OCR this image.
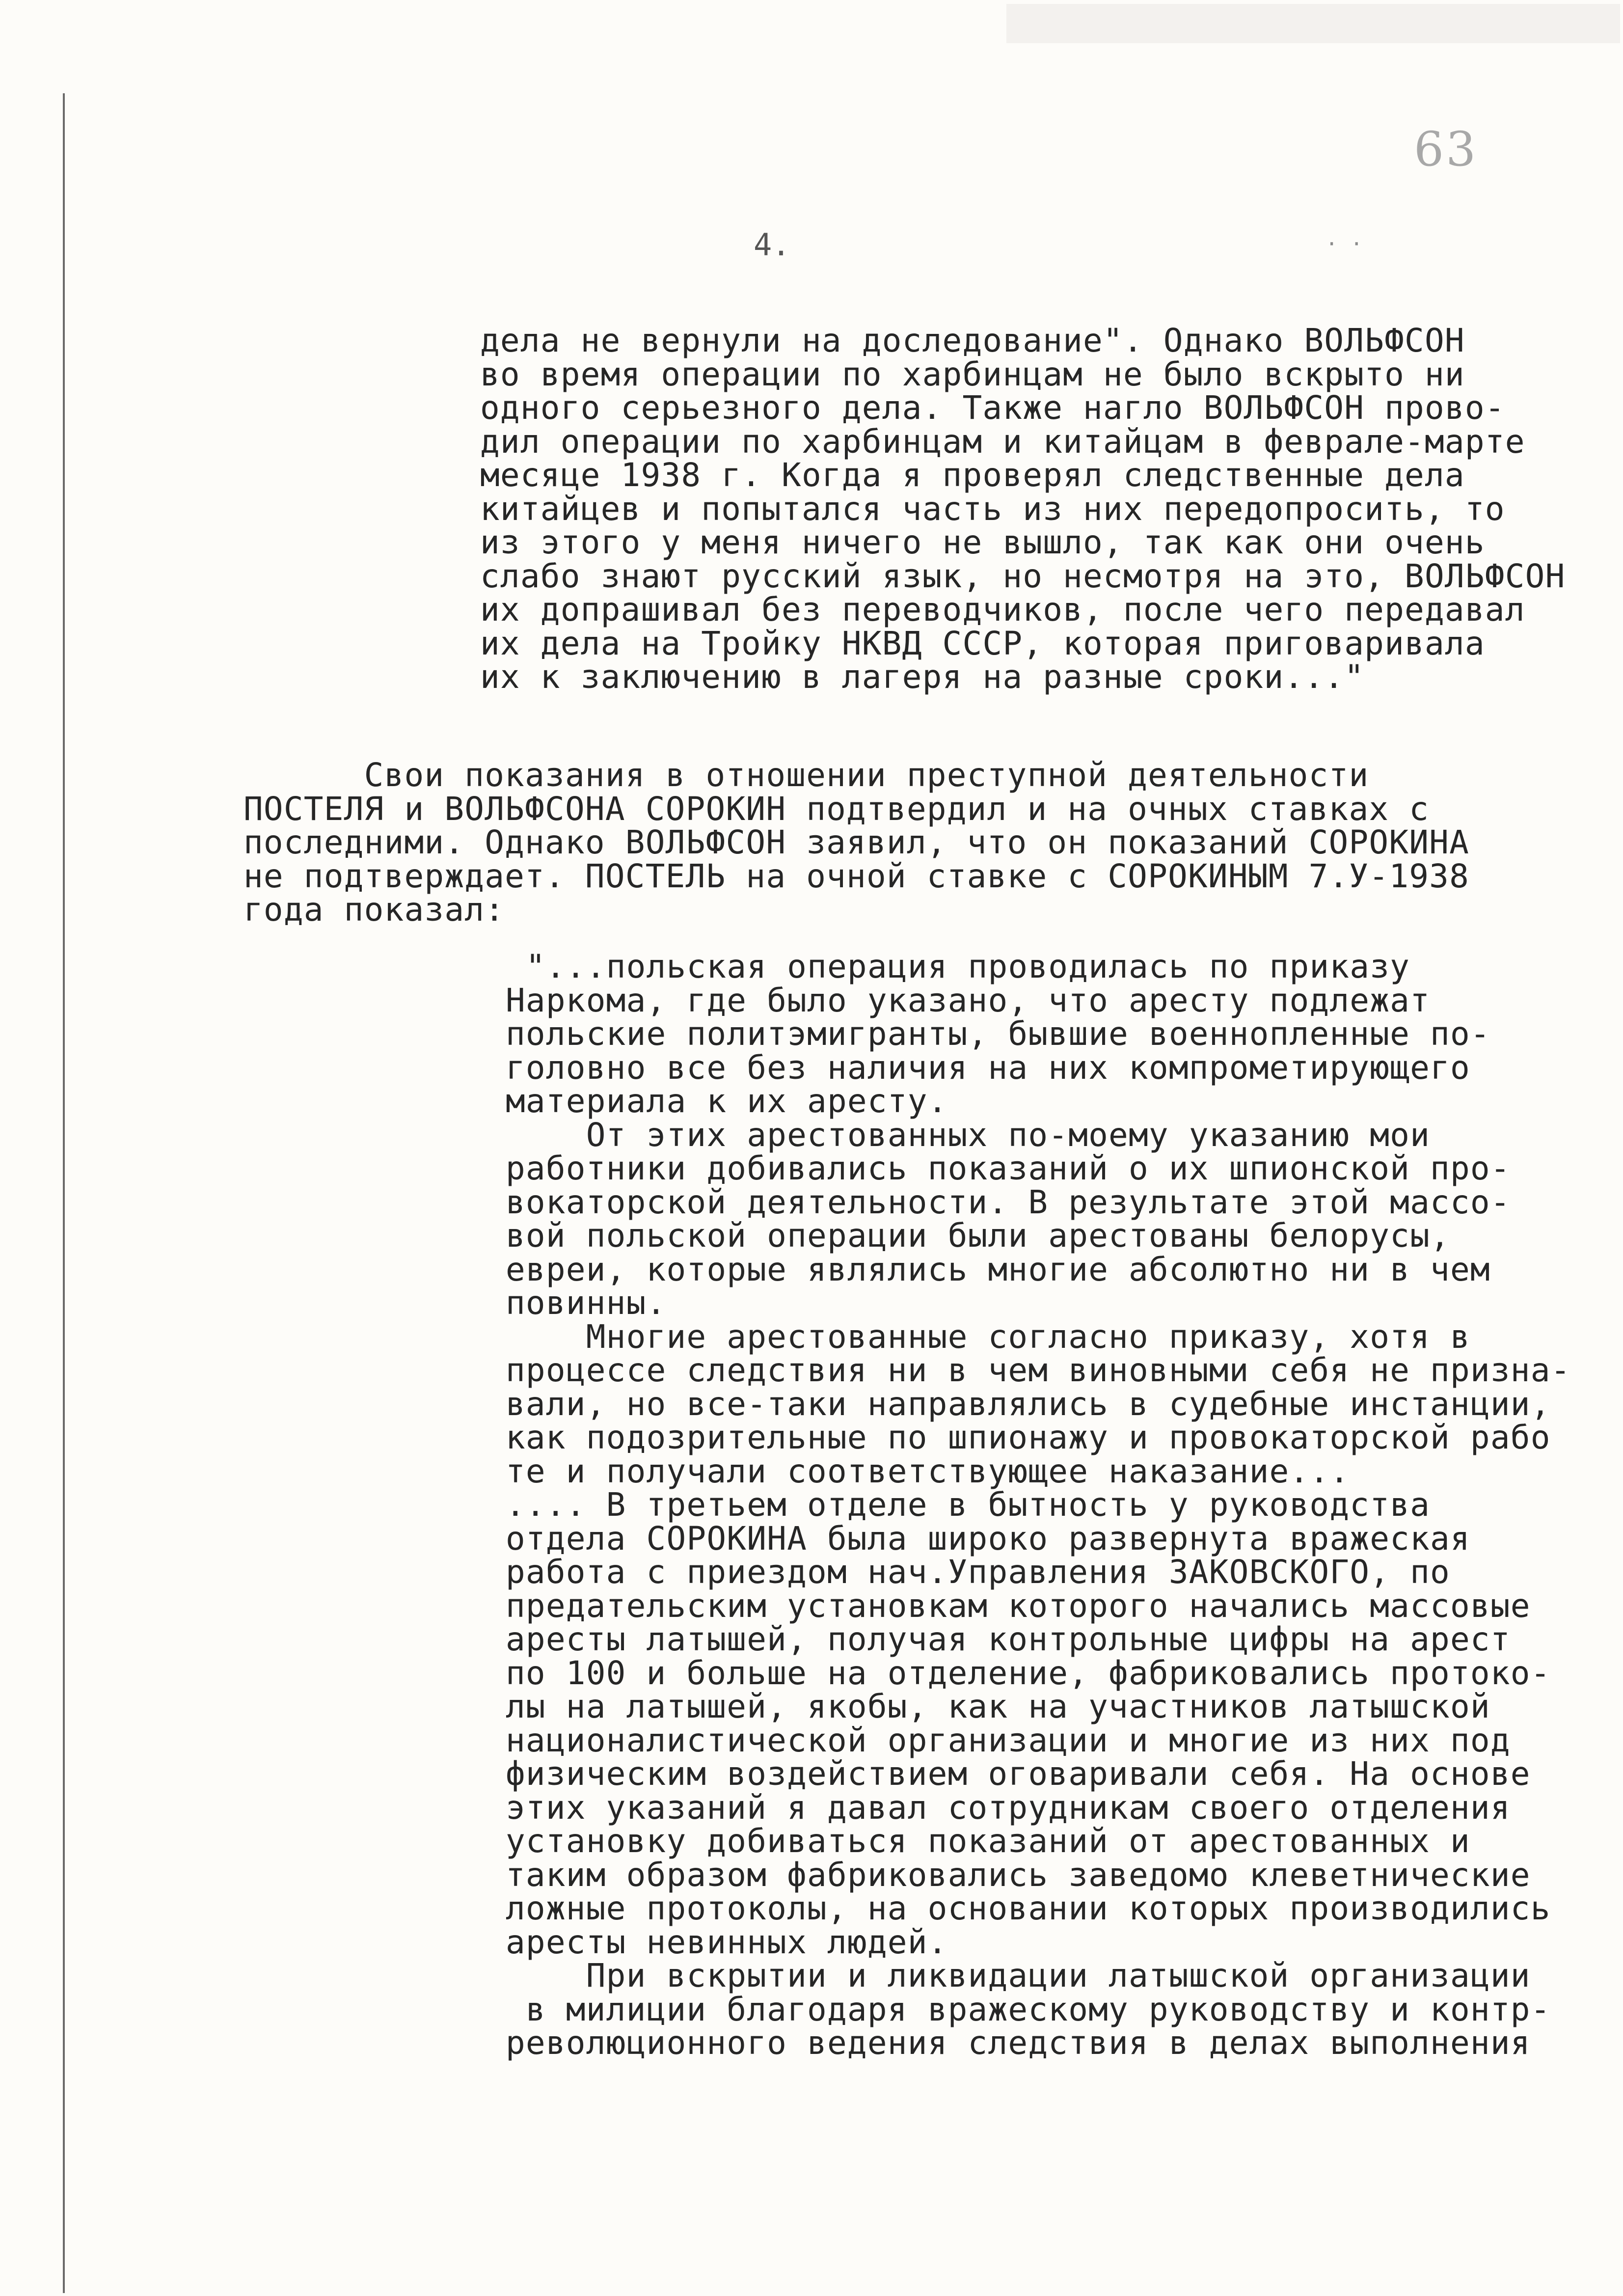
63
4.	· ·
дела не вернули на доследование". Однако ВОЛЬФСОН
во время операции по харбинцам не было вскрыто ни
одного серьезного дела. Также нагло ВОЛЬФСОН прово-
дил операции по харбинцам и китайцам в феврале-марте
месяце 1938 г. Когда я проверял следственные дела
китайцев и попытался часть из них передопросить, то
из этого у меня ничего не вышло, так как они очень
слабо знают русский язык, но несмотря на это, ВОЛЬФСОН
их допрашивал без переводчиков, после чего передавал
их дела на Тройку НКВД СССР, которая приговаривала
их к заключению в лагеря на разные сроки..."
Свои показания в отношении преступной деятельности
ПОСТЕЛЯ и ВОЛЬФСОНА СОРОКИН подтвердил и на очных ставках с
последними. Однако ВОЛЬФСОН заявил, что он показаний СОРОКИНА
не подтверждает. ПОСТЕЛЬ на очной ставке с СОРОКИНЫМ 7.У-1938
года показал:
"...польская операция проводилась по приказу
Наркома, где было указано, что аресту подлежат
польские политэмигранты, бывшие военнопленные по-
головно все без наличия на них компрометирующего
материала к их аресту.
От этих арестованных по-моему указанию мои
работники добивались показаний о их шпионской про-
вокаторской деятельности. В результате этой массо-
вой польской операции были арестованы белорусы,
евреи, которые являлись многие абсолютно ни в чем
повинны.
Многие арестованные согласно приказу, хотя в
процессе следствия ни в чем виновными себя не призна-
вали, но все-таки направлялись в судебные инстанции,
как подозрительные по шпионажу и провокаторской рабо
те и получали соответствующее наказание...
.... В третьем отделе в бытность у руководства
отдела СОРОКИНА была широко развернута вражеская
работа с приездом нач.Управления ЗАКОВСКОГО, по
предательским установкам которого начались массовые
аресты латышей, получая контрольные цифры на арест
по 100 и больше на отделение, фабриковались протоко-
лы на латышей, якобы, как на участников латышской
националистической организации и многие из них под
физическим воздействием оговаривали себя. На основе
этих указаний я давал сотрудникам своего отделения
установку добиваться показаний от арестованных и
таким образом фабриковались заведомо клеветнические
ложные протоколы, на основании которых производились
аресты невинных людей.
При вскрытии и ликвидации латышской организации
в милиции благодаря вражескому руководству и контр-
революционного ведения следствия в делах выполнения
